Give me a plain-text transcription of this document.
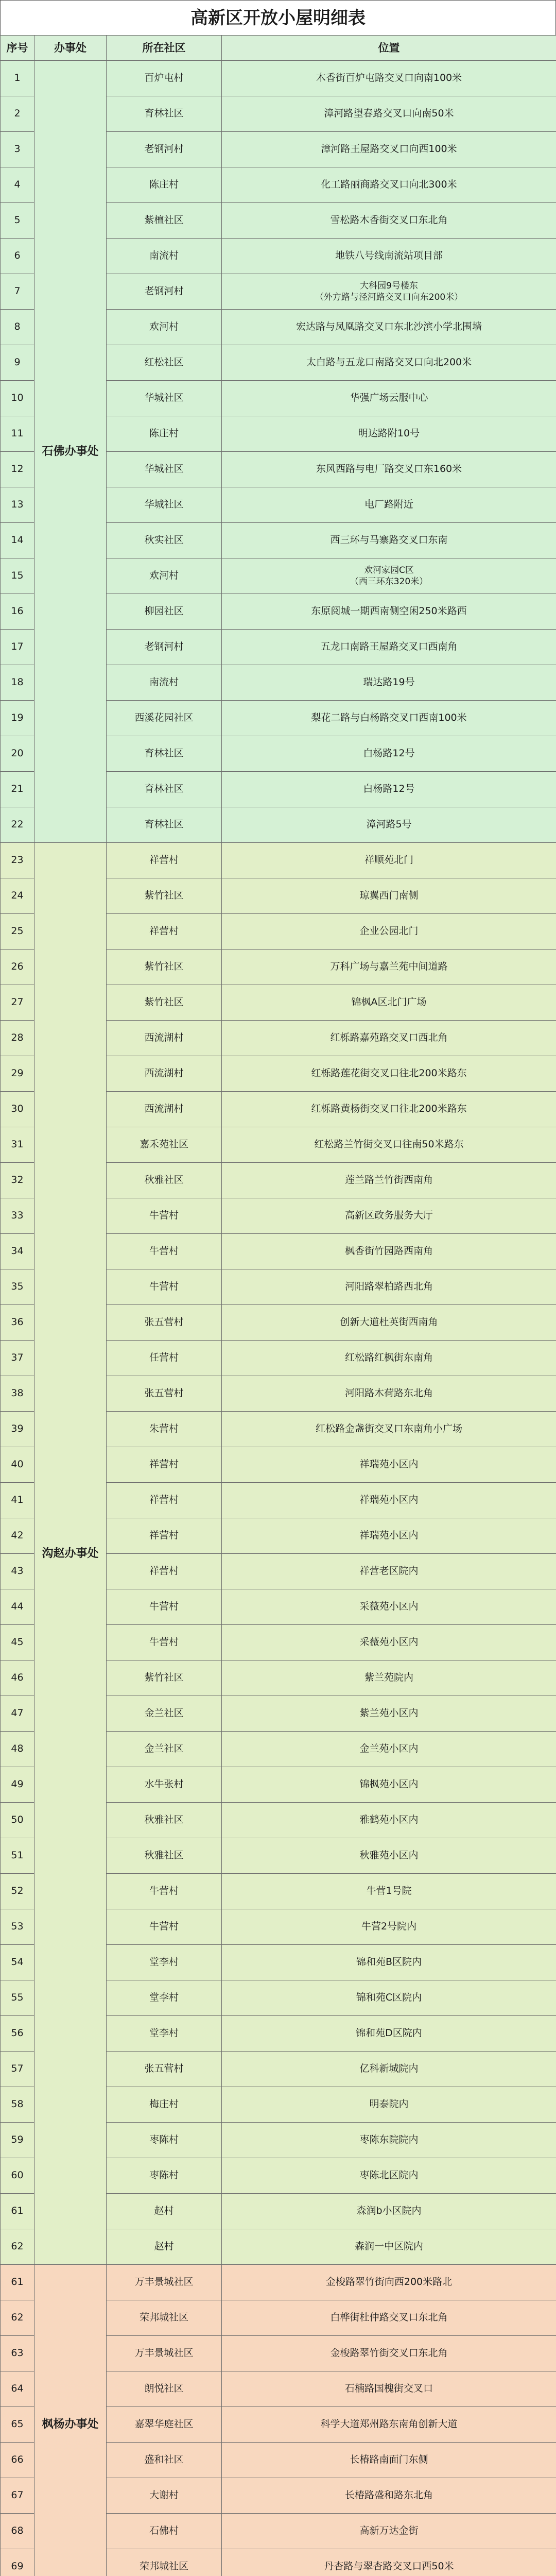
高新区开放小屋明细表
序号	办事处	所在社区	位置
1	石佛办事处	百炉屯村	木香街百炉屯路交叉口向南100米
2		育林社区	漳河路望春路交叉口向南50米
3		老钢河村	漳河路王屋路交叉口向西100米
4		陈庄村	化工路丽商路交叉口向北300米
5		紫檀社区	雪松路木香街交叉口东北角
6		南流村	地铁八号线南流站项目部
7		老钢河村	大科园9号楼东
（外方路与泾河路交叉口向东200米）
8		欢河村	宏达路与凤凰路交叉口东北沙滨小学北围墙
9		红松社区	太白路与五龙口南路交叉口向北200米
10		华城社区	华强广场云服中心
11		陈庄村	明达路附10号
12		华城社区	东风西路与电厂路交叉口东160米
13		华城社区	电厂路附近
14		秋实社区	西三环与马寨路交叉口东南
15		欢河村	欢河家园C区
（西三环东320米）
16		柳园社区	东原阅城一期西南侧空闲250米路西
17		老钢河村	五龙口南路王屋路交叉口西南角
18		南流村	瑞达路19号
19		西溪花园社区	梨花二路与白杨路交叉口西南100米
20		育林社区	白杨路12号
21		育林社区	白杨路12号
22		育林社区	漳河路5号
23	沟赵办事处	祥营村	祥顺苑北门
24		紫竹社区	琼翼西门南侧
25		祥营村	企业公园北门
26		紫竹社区	万科广场与嘉兰苑中间道路
27		紫竹社区	锦枫A区北门广场
28		西流湖村	红栎路嘉苑路交叉口西北角
29		西流湖村	红栎路莲花街交叉口往北200米路东
30		西流湖村	红栎路黄杨街交叉口往北200米路东
31		嘉禾苑社区	红松路兰竹街交叉口往南50米路东
32		秋雅社区	莲兰路兰竹街西南角
33		牛营村	高新区政务服务大厅
34		牛营村	枫香街竹园路西南角
35		牛营村	河阳路翠柏路西北角
36		张五营村	创新大道杜英街西南角
37		任营村	红松路红枫街东南角
38		张五营村	河阳路木荷路东北角
39		朱营村	红松路金盏街交叉口东南角小广场
40		祥营村	祥瑞苑小区内
41		祥营村	祥瑞苑小区内
42		祥营村	祥瑞苑小区内
43		祥营村	祥营老区院内
44		牛营村	采薇苑小区内
45		牛营村	采薇苑小区内
46		紫竹社区	紫兰苑院内
47		金兰社区	紫兰苑小区内
48		金兰社区	金兰苑小区内
49		水牛张村	锦枫苑小区内
50		秋雅社区	雅鹤苑小区内
51		秋雅社区	秋雅苑小区内
52		牛营村	牛营1号院
53		牛营村	牛营2号院内
54		堂李村	锦和苑B区院内
55		堂李村	锦和苑C区院内
56		堂李村	锦和苑D区院内
57		张五营村	亿科新城院内
58		梅庄村	明泰院内
59		枣陈村	枣陈东院院内
60		枣陈村	枣陈北区院内
61		赵村	森润b小区院内
62		赵村	森润一中区院内
61	枫杨办事处	万丰景城社区	金梭路翠竹街向西200米路北
62		荣邦城社区	白桦街杜仲路交叉口东北角
63		万丰景城社区	金梭路翠竹街交叉口东北角
64		朗悦社区	石楠路国槐街交叉口
65		嘉翠华庭社区	科学大道郑州路东南角创新大道
66		盛和社区	长椿路南面门东侧
67		大谢村	长椿路盛和路东北角
68		石佛村	高新万达金街
69		荣邦城社区	丹杏路与翠杏路交叉口西50米
